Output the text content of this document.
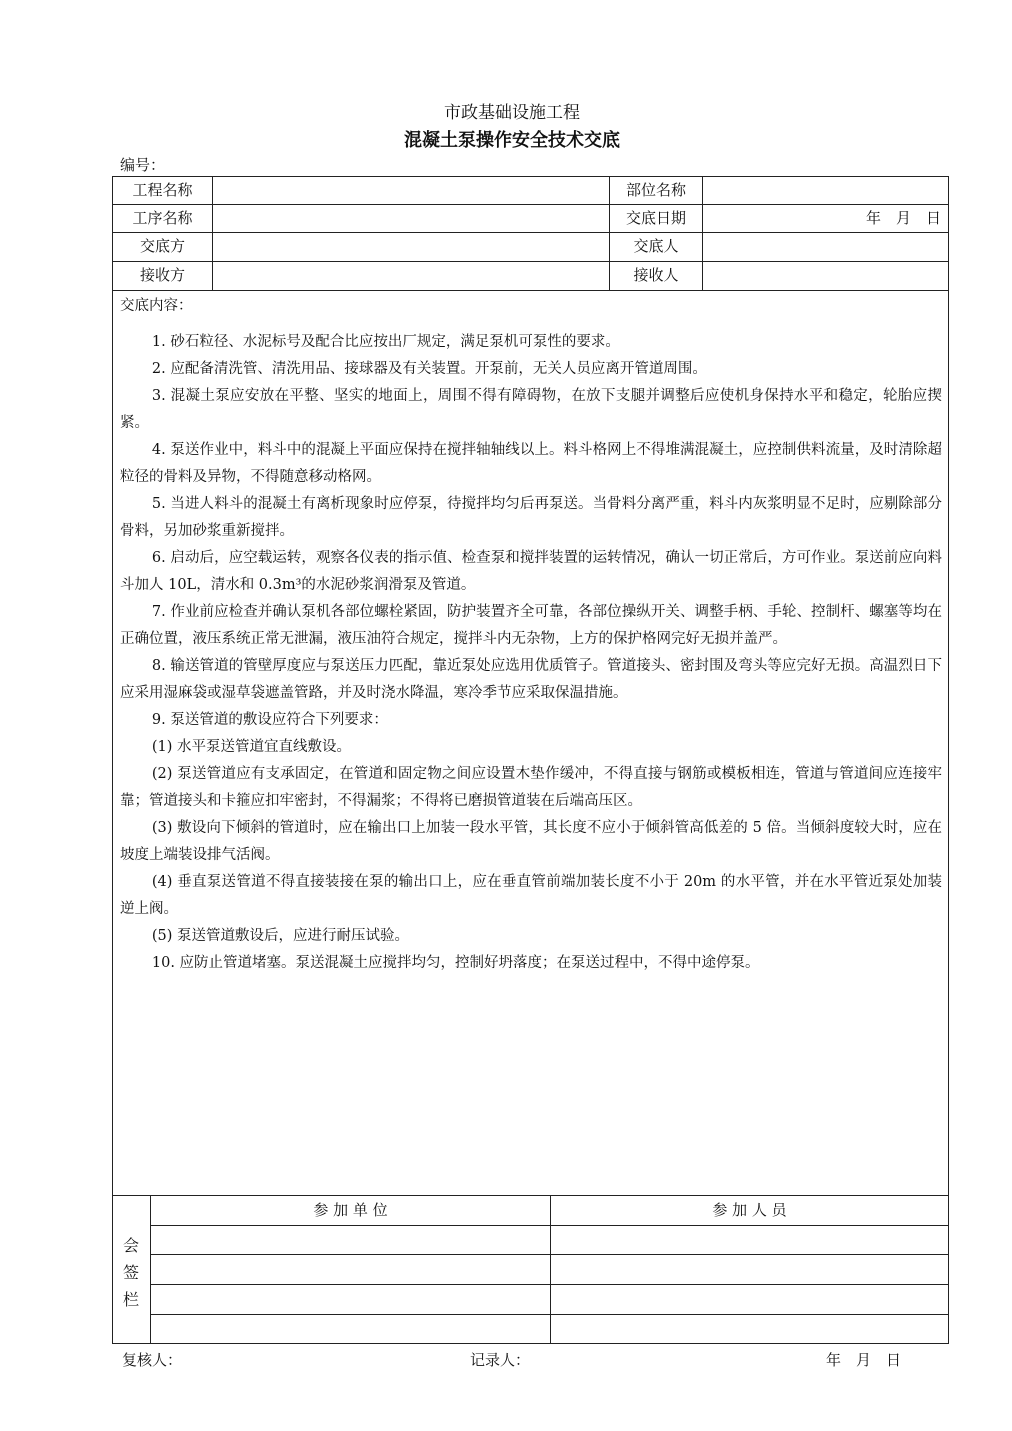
市政基础设施工程
混凝土泵操作安全技术交底
编号：
工程名称	部位名称
工序名称	交底日期	年　月　日
交底方	交底人
接收方	接收人

交底内容：

1. 砂石粒径、水泥标号及配合比应按出厂规定，满足泵机可泵性的要求。

2. 应配备清洗管、清洗用品、接球器及有关装置。开泵前，无关人员应离开管道周围。

3. 混凝土泵应安放在平整、坚实的地面上，周围不得有障碍物，在放下支腿并调整后应使机身保持水平和稳定，轮胎应揳紧。

4. 泵送作业中，料斗中的混凝上平面应保持在搅拌轴轴线以上。料斗格网上不得堆满混凝土，应控制供料流量，及时清除超粒径的骨料及异物，不得随意移动格网。

5. 当进人料斗的混凝土有离析现象时应停泵，待搅拌均匀后再泵送。当骨料分离严重，料斗内灰浆明显不足时，应剔除部分骨料，另加砂浆重新搅拌。

6. 启动后，应空载运转，观察各仪表的指示值、检查泵和搅拌装置的运转情况，确认一切正常后，方可作业。泵送前应向料斗加人 10L，清水和 0.3m³的水泥砂浆润滑泵及管道。

7. 作业前应检查并确认泵机各部位螺栓紧固，防护装置齐全可靠，各部位操纵开关、调整手柄、手轮、控制杆、螺塞等均在正确位置，液压系统正常无泄漏，液压油符合规定，搅拌斗内无杂物，上方的保护格网完好无损并盖严。

8. 输送管道的管壁厚度应与泵送压力匹配，靠近泵处应选用优质管子。管道接头、密封围及弯头等应完好无损。高温烈日下应采用湿麻袋或湿草袋遮盖管路，并及时浇水降温，寒冷季节应采取保温措施。

9. 泵送管道的敷设应符合下列要求：

(1) 水平泵送管道宜直线敷设。

(2) 泵送管道应有支承固定，在管道和固定物之间应设置木垫作缓冲，不得直接与钢筋或模板相连，管道与管道间应连接牢靠；管道接头和卡箍应扣牢密封，不得漏浆；不得将已磨损管道装在后端高压区。

(3) 敷设向下倾斜的管道时，应在输出口上加装一段水平管，其长度不应小于倾斜管高低差的 5 倍。当倾斜度较大时，应在坡度上端装设排气活阀。

(4) 垂直泵送管道不得直接装接在泵的输出口上，应在垂直管前端加装长度不小于 20m 的水平管，并在水平管近泵处加装逆上阀。

(5) 泵送管道敷设后，应进行耐压试验。

10. 应防止管道堵塞。泵送混凝土应搅拌均匀，控制好坍落度；在泵送过程中，不得中途停泵。

会
签
栏
参 加 单 位	参 加 人 员
复核人：	记录人：	年　月　日
